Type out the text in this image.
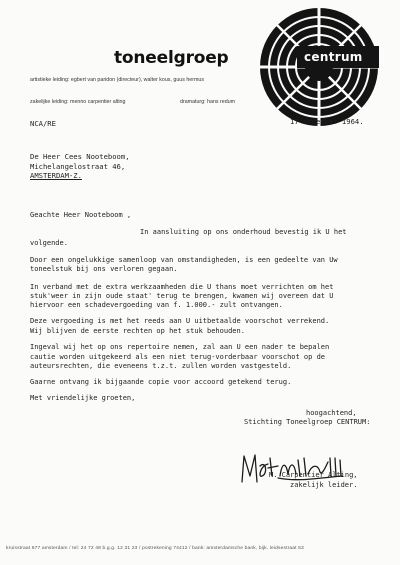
toneelgroep	centrum
artistieke leiding: egbert van paridon (directeur), walter kous, guus hermus
zakelijke leiding: menno carpentier alting	dramaturg: hans redum
NCA/RE	17 november 1964.
De Heer Cees Nooteboom,
Michelangelostraat 46,
AMSTERDAM-Z.
Geachte Heer Nooteboom ,
In aansluiting op ons onderhoud bevestig ik U het
volgende.
Door een ongelukkige samenloop van omstandigheden, is een gedeelte van Uw
toneelstuk bij ons verloren gegaan.
In verband met de extra werkzaamheden die U thans moet verrichten om het
stuk'weer in zijn oude staat' terug te brengen, kwamen wij overeen dat U
hiervoor een schadevergoeding van f. 1.000.- zult ontvangen.
Deze vergoeding is met het reeds aan U uitbetaalde voorschot verrekend.
Wij blijven de eerste rechten op het stuk behouden.
Ingeval wij het op ons repertoire nemen, zal aan U een nader te bepalen
cautie worden uitgekeerd als een niet terug-vorderbaar voorschot op de
auteursrechten, die eveneens t.z.t. zullen worden vastgesteld.
Gaarne ontvang ik bijgaande copie voor accoord getekend terug.
Met vriendelijke groeten,
hoogachtend,
Stichting Toneelgroep CENTRUM:
M. Carpentier Alting,
zakelijk leider.
kruisstraat 677 amsterdam / tel: 24 72 48 b.g.g. 12 31 23 / postrekening 74412 / bank: amsterdamsche bank, bijk. leidsestraat 53
